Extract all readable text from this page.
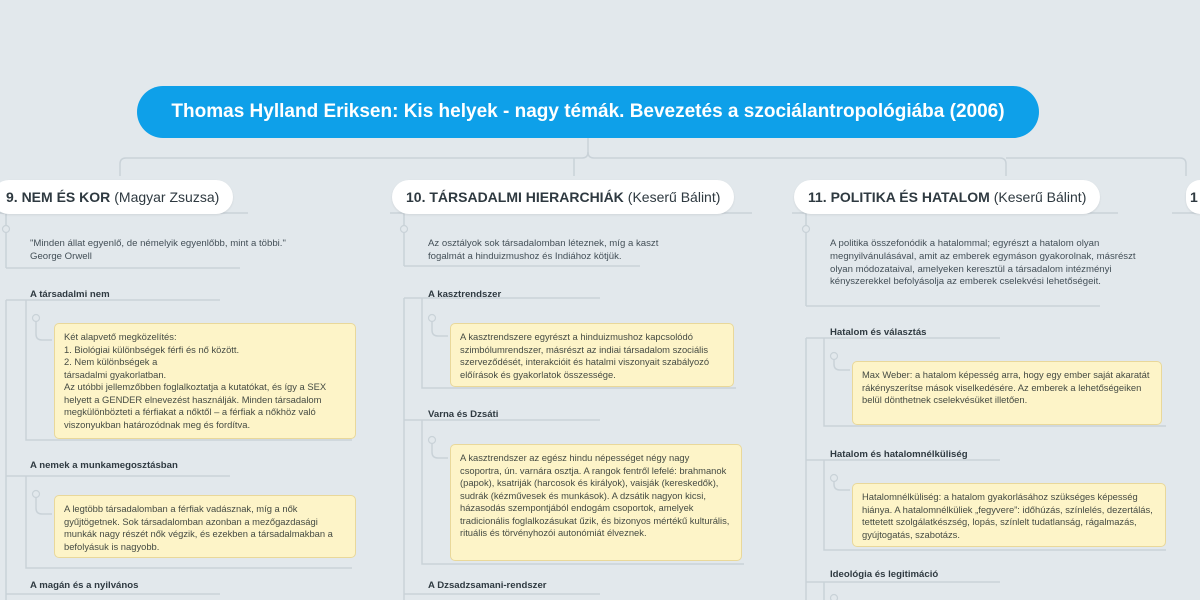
Thomas Hylland Eriksen: Kis helyek - nagy témák. Bevezetés a szociálantropológiába (2006)
9. NEM ÉS KOR (Magyar Zsuzsa)
"Minden állat egyenlő, de némelyik egyenlőbb, mint a többi."
George Orwell
A társadalmi nem
Két alapvető megközelítés:
1. Biológiai különbségek férfi és nő között.
2. Nem különbségek a
társadalmi gyakorlatban.
Az utóbbi jellemzőbben foglalkoztatja a kutatókat, és így a SEX helyett a GENDER elnevezést használják. Minden társadalom megkülönbözteti a férfiakat a nőktől – a férfiak a nőkhöz való viszonyukban határozódnak meg és fordítva.
A nemek a munkamegosztásban
A legtöbb társadalomban a férfiak vadásznak, míg a nők gyűjtögetnek. Sok társadalomban azonban a mezőgazdasági munkák nagy részét nők végzik, és ezekben a társadalmakban a befolyásuk is nagyobb.
A magán és a nyilvános
10. TÁRSADALMI HIERARCHIÁK (Keserű Bálint)
Az osztályok sok társadalomban léteznek, míg a kaszt fogalmát a hinduizmushoz és Indiához kötjük.
A kasztrendszer
A kasztrendszere egyrészt a hinduizmushoz kapcsolódó szimbólumrendszer, másrészt az indiai társadalom szociális szerveződését, interakcióit és hatalmi viszonyait szabályozó előírások és gyakorlatok összessége.
Varna és Dzsáti
A kasztrendszer az egész hindu népességet négy nagy csoportra, ún. varnára osztja. A rangok fentről lefelé: brahmanok (papok), ksatriják (harcosok és királyok), vaisják (kereskedők), sudrák (kézművesek és munkások). A dzsátik nagyon kicsi, házasodás szempontjából endogám csoportok, amelyek tradicionális foglalkozásukat űzik, és bizonyos mértékű kulturális, rituális és törvényhozói autonómiát élveznek.
A Dzsadzsamani-rendszer
11. POLITIKA ÉS HATALOM (Keserű Bálint)
A politika összefonódik a hatalommal; egyrészt a hatalom olyan megnyilvánulásával, amit az emberek egymáson gyakorolnak, másrészt olyan módozataival, amelyeken keresztül a társadalom intézményi kényszerekkel befolyásolja az emberek cselekvési lehetőségeit.
Hatalom és választás
Max Weber: a hatalom képesség arra, hogy egy ember saját akaratát rákényszerítse mások viselkedésére. Az emberek a lehetőségeiken belül dönthetnek cselekvésüket illetően.
Hatalom és hatalomnélküliség
Hatalomnélküliség: a hatalom gyakorlásához szükséges képesség hiánya. A hatalomnélküliek „fegyvere”: időhúzás, színlelés, dezertálás, tettetett szolgálatkészség, lopás, színlelt tudatlanság, rágalmazás, gyújtogatás, szabotázs.
Ideológia és legitimáció
1
